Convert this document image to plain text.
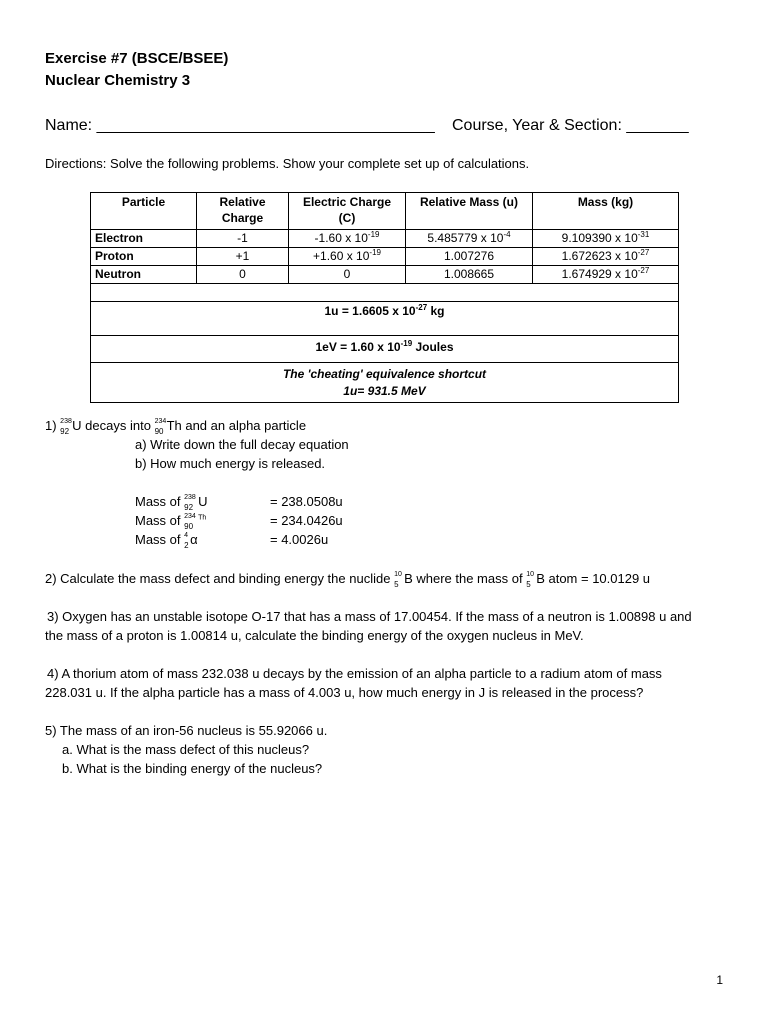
Exercise #7 (BSCE/BSEE)
Nuclear Chemistry 3
Name: ______________________________________ Course, Year & Section: _______
Directions: Solve the following problems. Show your complete set up of calculations.
Particle	Relative Charge	Electric Charge (C)	Relative Mass (u)	Mass (kg)
Electron	-1	-1.60 x $10^{-19}$	5.485779 x $10^{-4}$	9.109390 x $10^{-31}$
Proton	+1	+1.60 x $10^{-19}$	1.007276	1.672623 x $10^{-27}$
Neutron	0	0	1.008665	1.674929 x $10^{-27}$

1u = 1.6605 x $10^{-27}$ kg				
1eV = 1.60 x $10^{-19}$ Joules				

The 'cheating' equivalence shortcut
1u= 931.5 MeV				
1) 238
92 U decays into 234
90 Th and an alpha particle
a) Write down the full decay equation
b) How much energy is released.
Mass of 238
92 U	= 238.0508u
Mass of 234
90
$^{Th}$	= 234.0426u
Mass of 4
2 α	= 4.0026u
2) Calculate the mass defect and binding energy the nuclide 10
5 B where the mass of 10
5 B atom = 10.0129 u
3) Oxygen has an unstable isotope O-17 that has a mass of 17.00454. If the mass of a neutron is 1.00898 u and
the mass of a proton is 1.00814 u, calculate the binding energy of the oxygen nucleus in MeV.
4) A thorium atom of mass 232.038 u decays by the emission of an alpha particle to a radium atom of mass
228.031 u. If the alpha particle has a mass of 4.003 u, how much energy in J is released in the process?
5) The mass of an iron-56 nucleus is 55.92066 u.
a. What is the mass defect of this nucleus?
b. What is the binding energy of the nucleus?
1
